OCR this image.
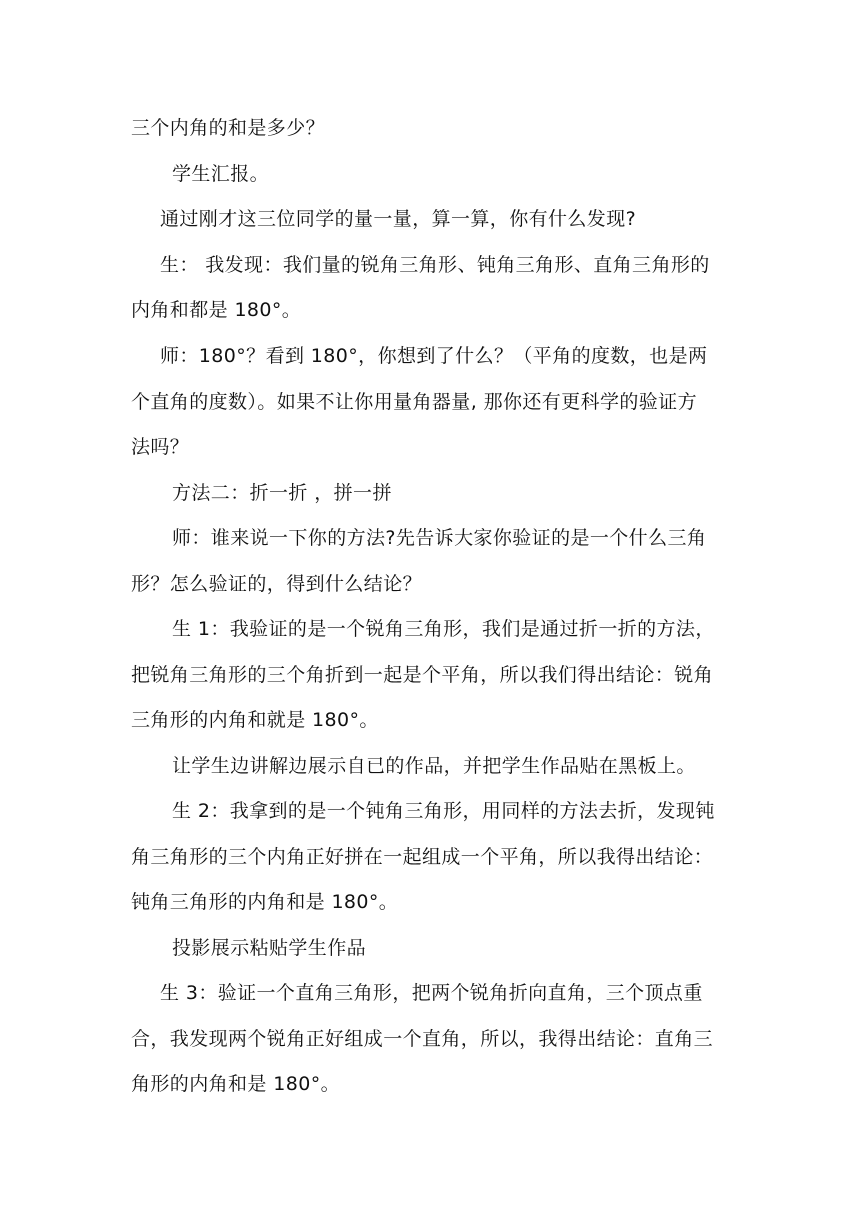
三个内角的和是多少？
学生汇报。
通过刚才这三位同学的量一量，算一算，你有什么发现?
生： 我发现：我们量的锐角三角形、钝角三角形、直角三角形的
内角和都是 180°。
师：180°？看到 180°，你想到了什么？（平角的度数，也是两
个直角的度数）。如果不让你用量角器量, 那你还有更科学的验证方
法吗？
方法二：折一折 ，拼一拼
师：谁来说一下你的方法?先告诉大家你验证的是一个什么三角
形？怎么验证的，得到什么结论？
生 1：我验证的是一个锐角三角形，我们是通过折一折的方法，
把锐角三角形的三个角折到一起是个平角，所以我们得出结论：锐角
三角形的内角和就是 180°。
让学生边讲解边展示自已的作品，并把学生作品贴在黑板上。
生 2：我拿到的是一个钝角三角形，用同样的方法去折，发现钝
角三角形的三个内角正好拼在一起组成一个平角，所以我得出结论：
钝角三角形的内角和是 180°。
投影展示粘贴学生作品
生 3：验证一个直角三角形，把两个锐角折向直角，三个顶点重
合，我发现两个锐角正好组成一个直角，所以，我得出结论：直角三
角形的内角和是 180°。
